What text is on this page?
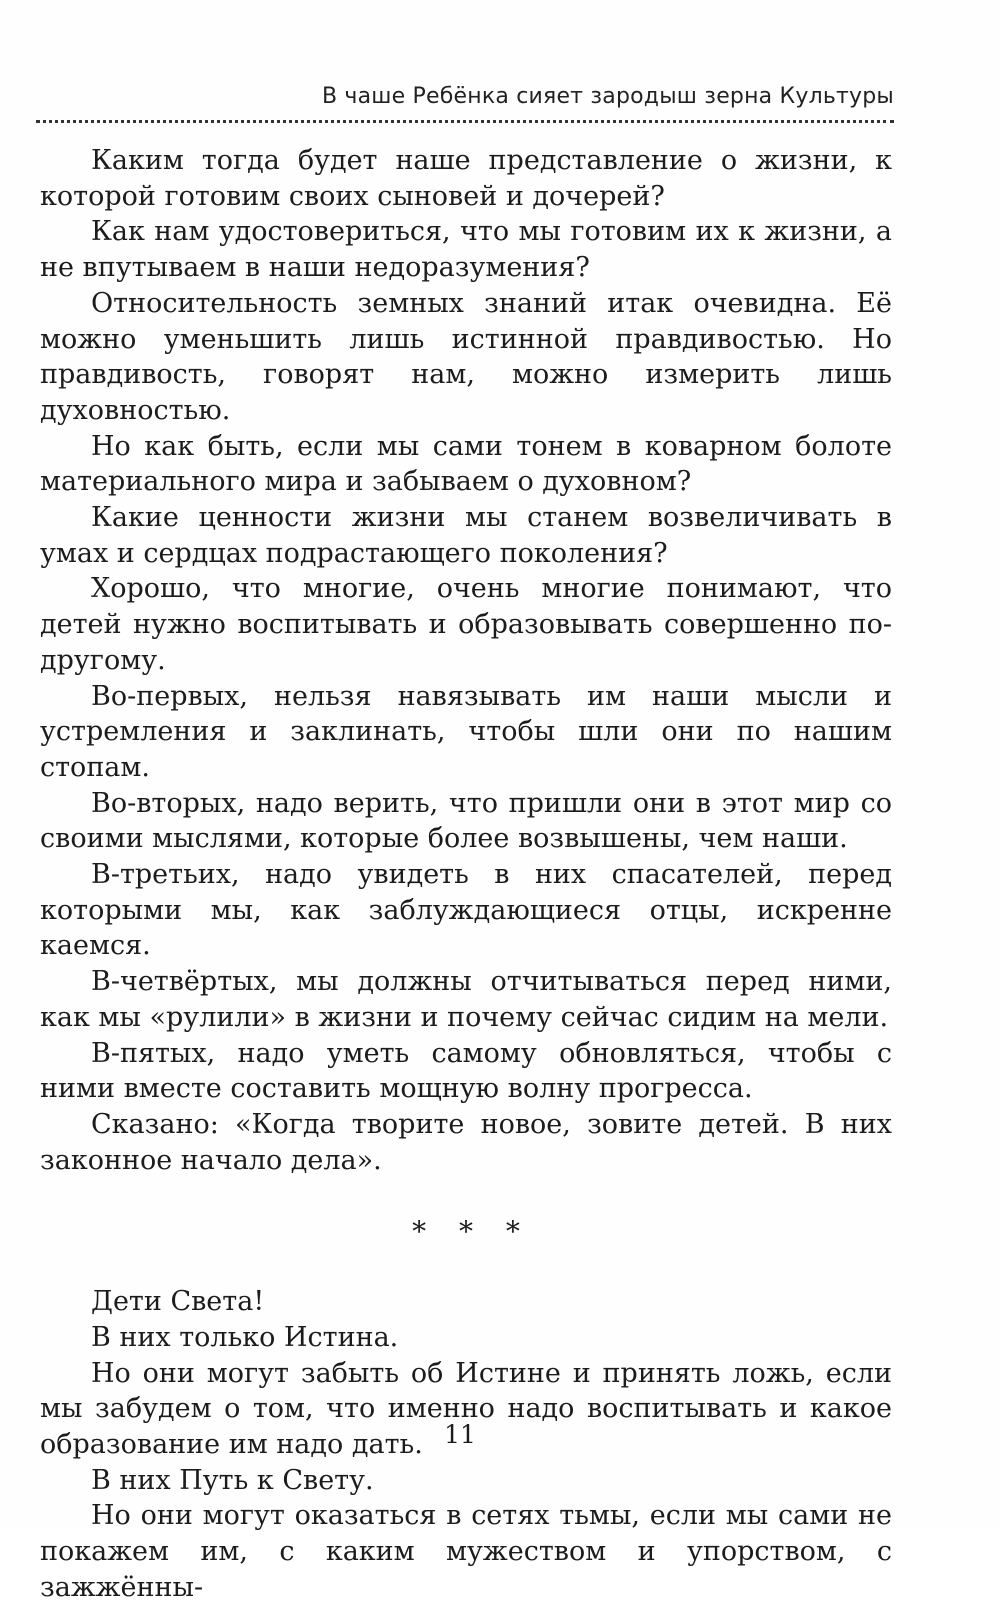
В чаше Ребёнка сияет зародыш зерна Культуры

Каким тогда будет наше представление о жизни, к которой готовим своих сыновей и дочерей?

Как нам удостовериться, что мы готовим их к жизни, а не впутываем в наши недоразумения?

Относительность земных знаний итак очевидна. Её можно уменьшить лишь истинной правдивостью. Но правдивость, говорят нам, можно измерить лишь духовностью.

Но как быть, если мы сами тонем в коварном болоте материального мира и забываем о духовном?

Какие ценности жизни мы станем возвеличивать в умах и сердцах подрастающего поколения?

Хорошо, что многие, очень многие понимают, что детей нужно воспитывать и образовывать совершенно по-другому.

Во-первых, нельзя навязывать им наши мысли и устремления и заклинать, чтобы шли они по нашим стопам.

Во-вторых, надо верить, что пришли они в этот мир со своими мыслями, которые более возвышены, чем наши.

В-третьих, надо увидеть в них спасателей, перед которыми мы, как заблуждающиеся отцы, искренне каемся.

В-четвёртых, мы должны отчитываться перед ними, как мы «рулили» в жизни и почему сейчас сидим на мели.

В-пятых, надо уметь самому обновляться, чтобы с ними вместе составить мощную волну прогресса.

Сказано: «Когда творите новое, зовите детей. В них законное начало дела».

* * *

Дети Света!

В них только Истина.

Но они могут забыть об Истине и принять ложь, если мы забудем о том, что именно надо воспитывать и какое образование им надо дать.

В них Путь к Свету.

Но они могут оказаться в сетях тьмы, если мы сами не покажем им, с каким мужеством и упорством, с зажжённы-

11
